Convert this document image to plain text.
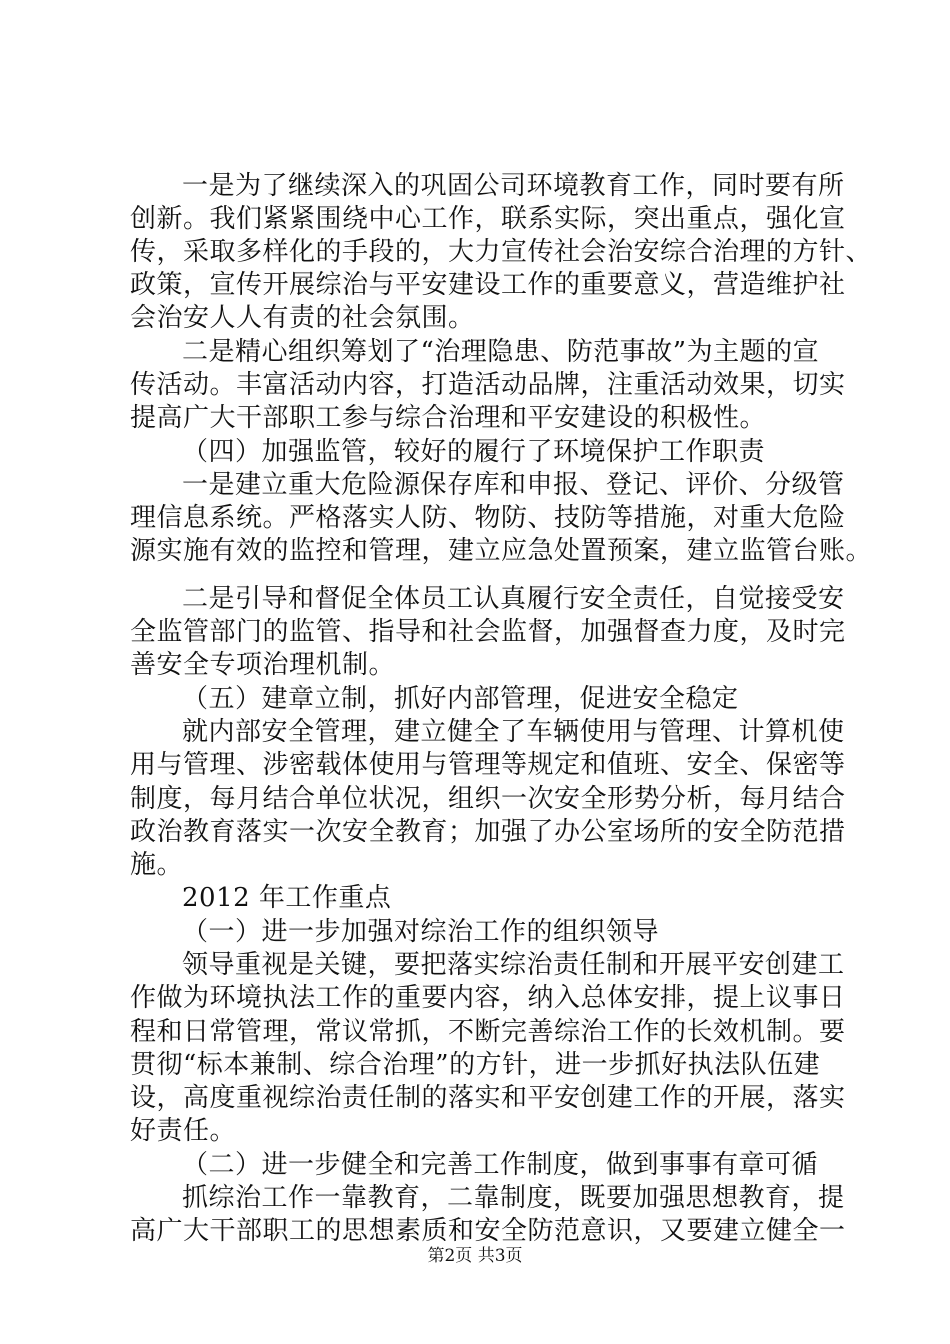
一是为了继续深入的巩固公司环境教育工作，同时要有所
创新。我们紧紧围绕中心工作，联系实际，突出重点，强化宣
传，采取多样化的手段的，大力宣传社会治安综合治理的方针、
政策，宣传开展综治与平安建设工作的重要意义，营造维护社
会治安人人有责的社会氛围。
二是精心组织筹划了“治理隐患、防范事故”为主题的宣
传活动。丰富活动内容，打造活动品牌，注重活动效果，切实
提高广大干部职工参与综合治理和平安建设的积极性。
（四）加强监管，较好的履行了环境保护工作职责
一是建立重大危险源保存库和申报、登记、评价、分级管
理信息系统。严格落实人防、物防、技防等措施，对重大危险
源实施有效的监控和管理，建立应急处置预案，建立监管台账。
二是引导和督促全体员工认真履行安全责任，自觉接受安
全监管部门的监管、指导和社会监督，加强督查力度，及时完
善安全专项治理机制。
（五）建章立制，抓好内部管理，促进安全稳定
就内部安全管理，建立健全了车辆使用与管理、计算机使
用与管理、涉密载体使用与管理等规定和值班、安全、保密等
制度，每月结合单位状况，组织一次安全形势分析，每月结合
政治教育落实一次安全教育；加强了办公室场所的安全防范措
施。
2012 年工作重点
（一）进一步加强对综治工作的组织领导
领导重视是关键，要把落实综治责任制和开展平安创建工
作做为环境执法工作的重要内容，纳入总体安排，提上议事日
程和日常管理，常议常抓，不断完善综治工作的长效机制。要
贯彻“标本兼制、综合治理”的方针，进一步抓好执法队伍建
设，高度重视综治责任制的落实和平安创建工作的开展，落实
好责任。
（二）进一步健全和完善工作制度，做到事事有章可循
抓综治工作一靠教育，二靠制度，既要加强思想教育，提
高广大干部职工的思想素质和安全防范意识，又要建立健全一
第2页 共3页
